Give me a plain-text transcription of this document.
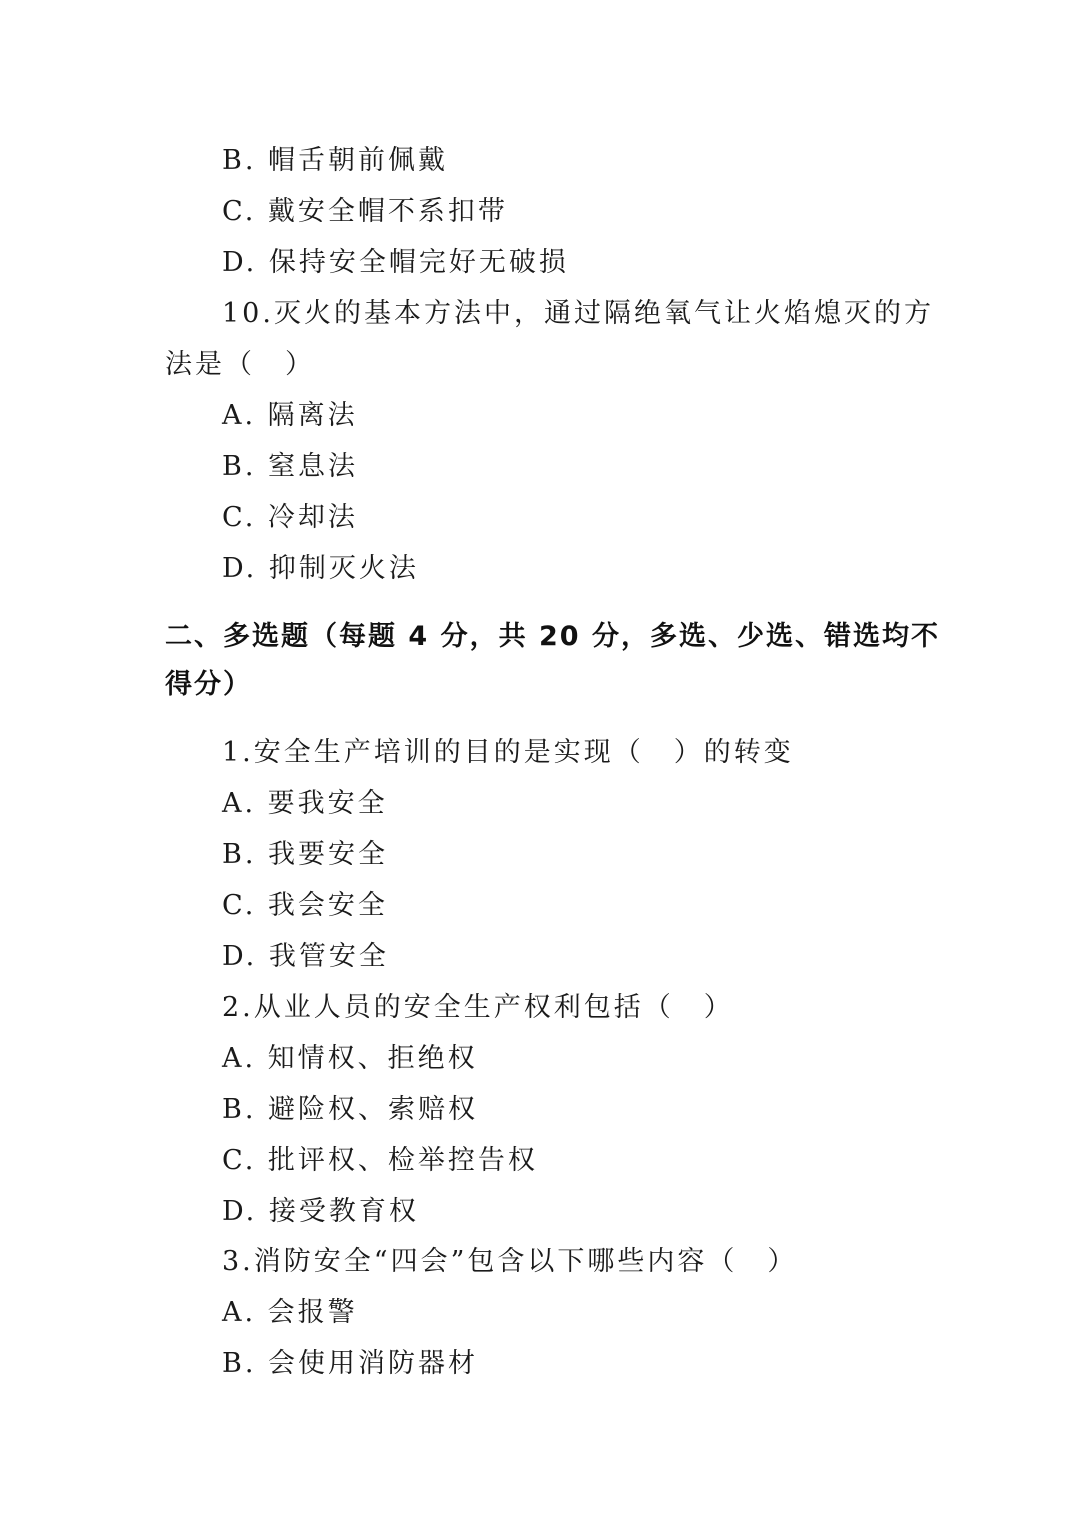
B. 帽舌朝前佩戴
C. 戴安全帽不系扣带
D. 保持安全帽完好无破损
10.灭火的基本方法中，通过隔绝氧气让火焰熄灭的方
法是（　）
A. 隔离法
B. 窒息法
C. 冷却法
D. 抑制灭火法
二、多选题（每题 4 分，共 20 分，多选、少选、错选均不
得分）
1.安全生产培训的目的是实现（　）的转变
A. 要我安全
B. 我要安全
C. 我会安全
D. 我管安全
2.从业人员的安全生产权利包括（　）
A. 知情权、拒绝权
B. 避险权、索赔权
C. 批评权、检举控告权
D. 接受教育权
3.消防安全“四会”包含以下哪些内容（　）
A. 会报警
B. 会使用消防器材
